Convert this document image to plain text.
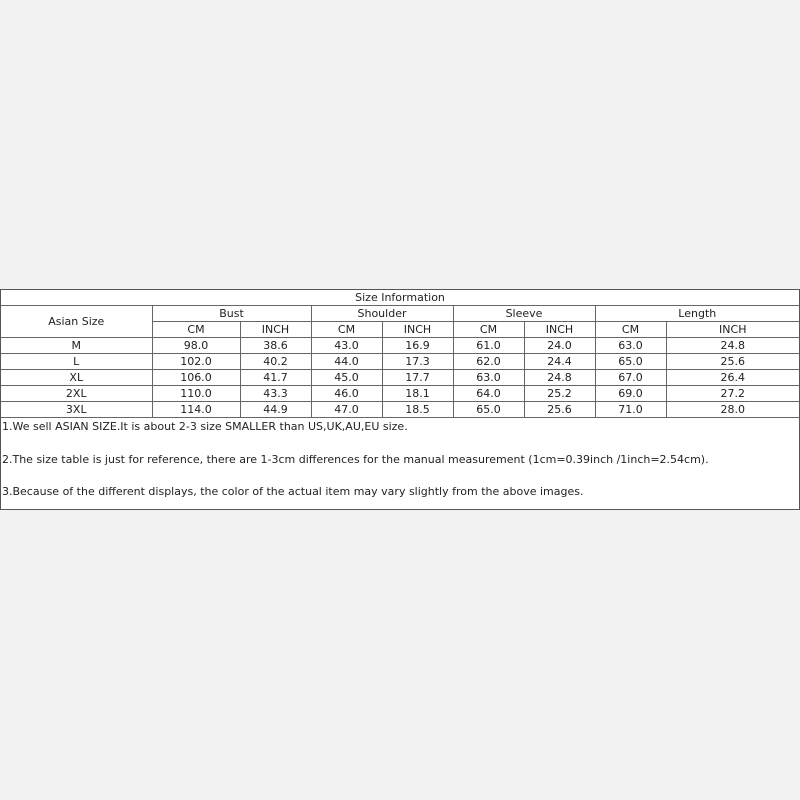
Size Information								
Asian Size	Bust		Shoulder		Sleeve		Length	
	CM	INCH	CM	INCH	CM	INCH	CM	INCH
M	98.0	38.6	43.0	16.9	61.0	24.0	63.0	24.8
L	102.0	40.2	44.0	17.3	62.0	24.4	65.0	25.6
XL	106.0	41.7	45.0	17.7	63.0	24.8	67.0	26.4
2XL	110.0	43.3	46.0	18.1	64.0	25.2	69.0	27.2
3XL	114.0	44.9	47.0	18.5	65.0	25.6	71.0	28.0
1.We sell ASIAN SIZE.It is about 2-3 size SMALLER than US,UK,AU,EU size.
2.The size table is just for reference, there are 1-3cm differences for the manual measurement (1cm=0.39inch /1inch=2.54cm).
3.Because of the different displays, the color of the actual item may vary slightly from the above images.
